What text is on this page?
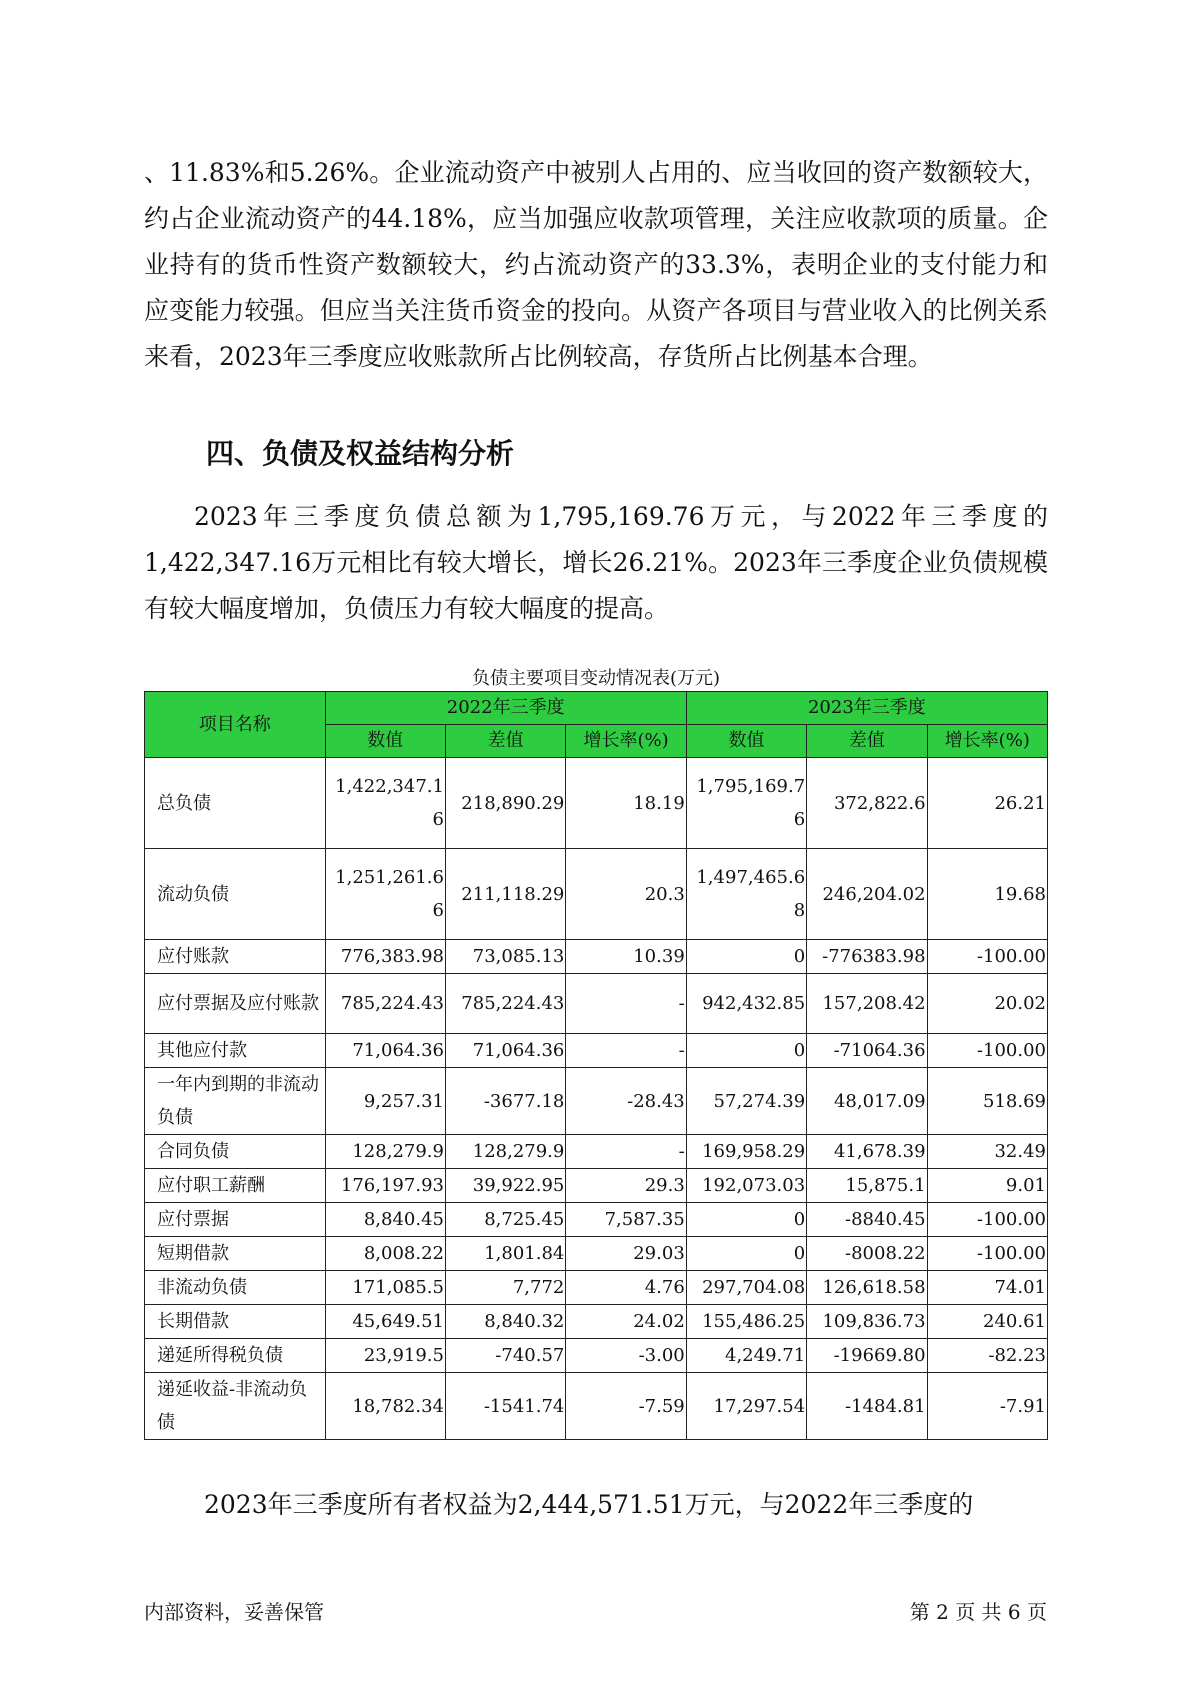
、11.83%和5.26%。企业流动资产中被别人占用的、应当收回的资产数额较大，约占企业流动资产的44.18%，应当加强应收款项管理，关注应收款项的质量。企业持有的货币性资产数额较大，约占流动资产的33.3%，表明企业的支付能力和应变能力较强。但应当关注货币资金的投向。从资产各项目与营业收入的比例关系来看，2023年三季度应收账款所占比例较高，存货所占比例基本合理。

四、负债及权益结构分析

2023年三季度负债总额为1,795,169.76万元，与2022年三季度的1,422,347.16万元相比有较大增长，增长26.21%。2023年三季度企业负债规模有较大幅度增加，负债压力有较大幅度的提高。

负债主要项目变动情况表(万元)

项目名称	2022年三季度			2023年三季度		
	数值	差值	增长率(%)	数值	差值	增长率(%)
总负债	1,422,347.16	218,890.29	18.19	1,795,169.76	372,822.6	26.21
流动负债	1,251,261.66	211,118.29	20.3	1,497,465.68	246,204.02	19.68
应付账款	776,383.98	73,085.13	10.39	0	-776383.98	-100.00
应付票据及应付账款	785,224.43	785,224.43	-	942,432.85	157,208.42	20.02
其他应付款	71,064.36	71,064.36	-	0	-71064.36	-100.00
一年内到期的非流动负债	9,257.31	-3677.18	-28.43	57,274.39	48,017.09	518.69
合同负债	128,279.9	128,279.9	-	169,958.29	41,678.39	32.49
应付职工薪酬	176,197.93	39,922.95	29.3	192,073.03	15,875.1	9.01
应付票据	8,840.45	8,725.45	7,587.35	0	-8840.45	-100.00
短期借款	8,008.22	1,801.84	29.03	0	-8008.22	-100.00
非流动负债	171,085.5	7,772	4.76	297,704.08	126,618.58	74.01
长期借款	45,649.51	8,840.32	24.02	155,486.25	109,836.73	240.61
递延所得税负债	23,919.5	-740.57	-3.00	4,249.71	-19669.80	-82.23
递延收益-非流动负债	18,782.34	-1541.74	-7.59	17,297.54	-1484.81	-7.91

2023年三季度所有者权益为2,444,571.51万元，与2022年三季度的

内部资料，妥善保管	第 2 页 共 6 页
